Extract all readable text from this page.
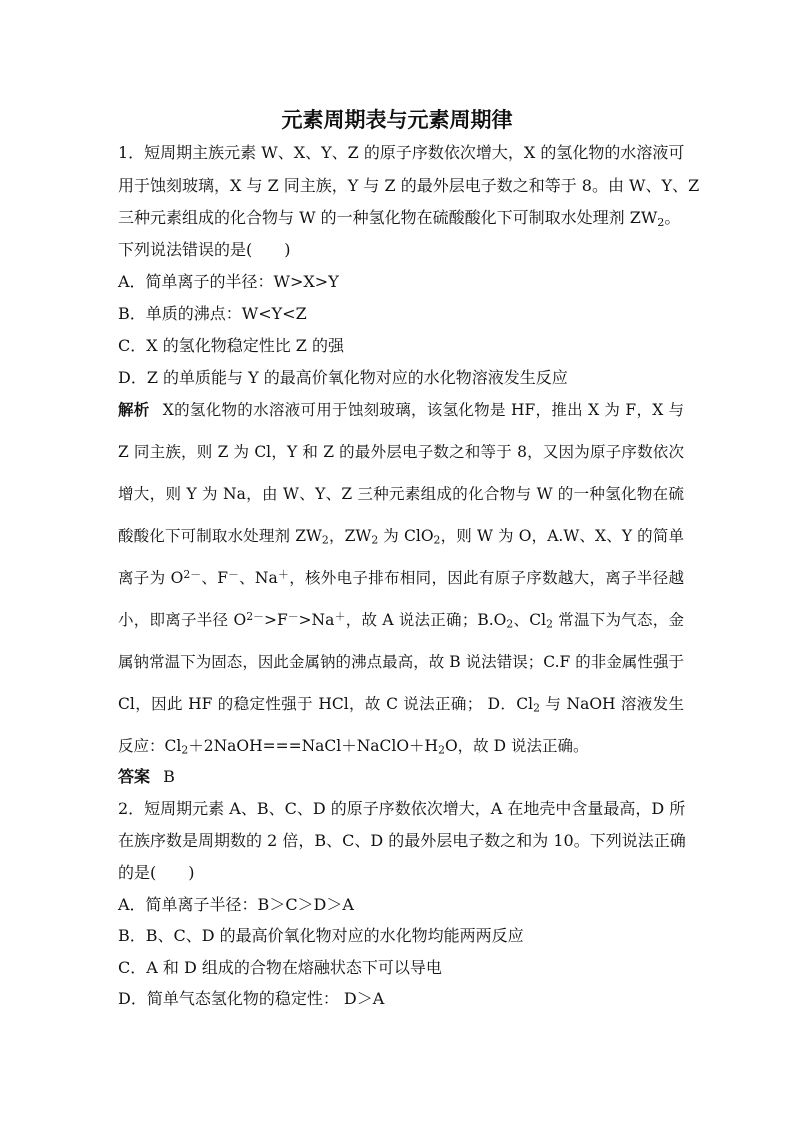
元素周期表与元素周期律
1．短周期主族元素 W、X、Y、Z 的原子序数依次增大，X 的氢化物的水溶液可
用于蚀刻玻璃，X 与 Z 同主族，Y 与 Z 的最外层电子数之和等于 8。由 W、Y、Z
三种元素组成的化合物与 W 的一种氢化物在硫酸酸化下可制取水处理剂 $ZW_2$。
下列说法错误的是(　　)
A．简单离子的半径：W>X>Y
B．单质的沸点：W<Y<Z
C．X 的氢化物稳定性比 Z 的强
D．Z 的单质能与 Y 的最高价氧化物对应的水化物溶液发生反应
解析 X的氢化物的水溶液可用于蚀刻玻璃，该氢化物是 HF，推出 X 为 F，X 与 Z 同主族，则 Z 为 Cl，Y 和 Z 的最外层电子数之和等于 8，又因为原子序数依次增大，则 Y 为 Na，由 W、Y、Z 三种元素组成的化合物与 W 的一种氢化物在硫酸酸化下可制取水处理剂 $ZW_2$，$ZW_2$ 为 ClO$_2$，则 W 为 O，A.W、X、Y 的简单离子为 $O^{2-}$、F－、Na＋，核外电子排布相同，因此有原子序数越大，离子半径越小，即离子半径 $O^{2-}>F^->Na^+$，故 A 说法正确；$B.O_2$、$Cl_2$ 常温下为气态，金属钠常温下为固态，因此金属钠的沸点最高，故 B 说法错误；C.F 的非金属性强于 Cl，因此 HF 的稳定性强于 HCl，故 C 说法正确； D．$Cl_2$ 与 NaOH 溶液发生反应：$Cl_2+2NaOH===NaCl+NaClO+H_2O$，故 D 说法正确。
答案 B
2．短周期元素 A、B、C、D 的原子序数依次增大，A 在地壳中含量最高，D 所
在族序数是周期数的 2 倍，B、C、D 的最外层电子数之和为 10。下列说法正确
的是(　　)
A．简单离子半径：B＞C＞D＞A
B．B、C、D 的最高价氧化物对应的水化物均能两两反应
C．A 和 D 组成的合物在熔融状态下可以导电
D．简单气态氢化物的稳定性： D＞A
